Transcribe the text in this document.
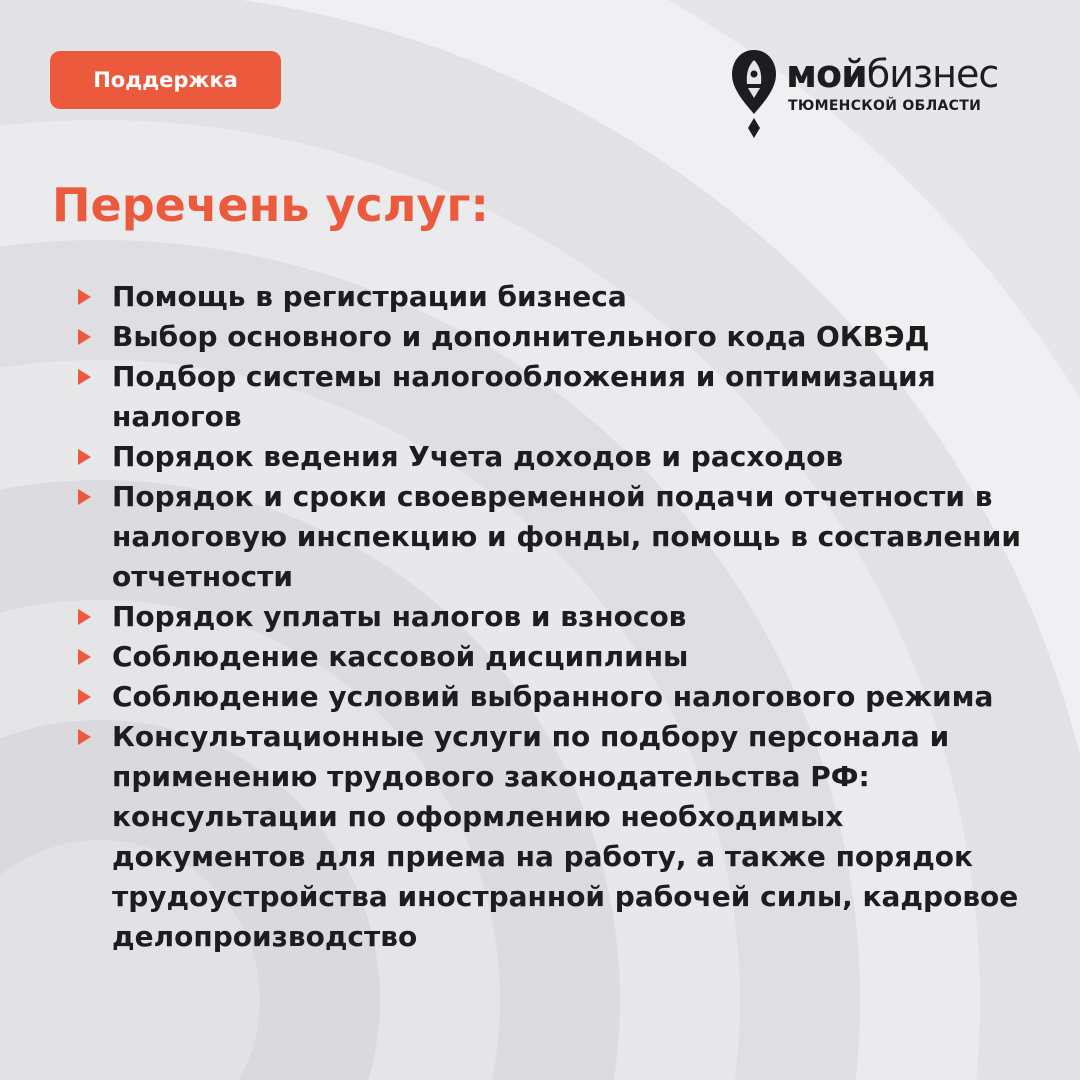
Поддержка	мойбизнес
ТЮМЕНСКОЙ ОБЛАСТИ
Перечень услуг:
Помощь в регистрации бизнеса
Выбор основного и дополнительного кода ОКВЭД
Подбор системы налогообложения и оптимизация налогов
Порядок ведения Учета доходов и расходов
Порядок и сроки своевременной подачи отчетности в налоговую инспекцию и фонды, помощь в составлении отчетности
Порядок уплаты налогов и взносов
Соблюдение кассовой дисциплины
Соблюдение условий выбранного налогового режима
Консультационные услуги по подбору персонала и применению трудового законодательства РФ: консультации по оформлению необходимых документов для приема на работу, а также порядок трудоустройства иностранной рабочей силы, кадровое делопроизводство
